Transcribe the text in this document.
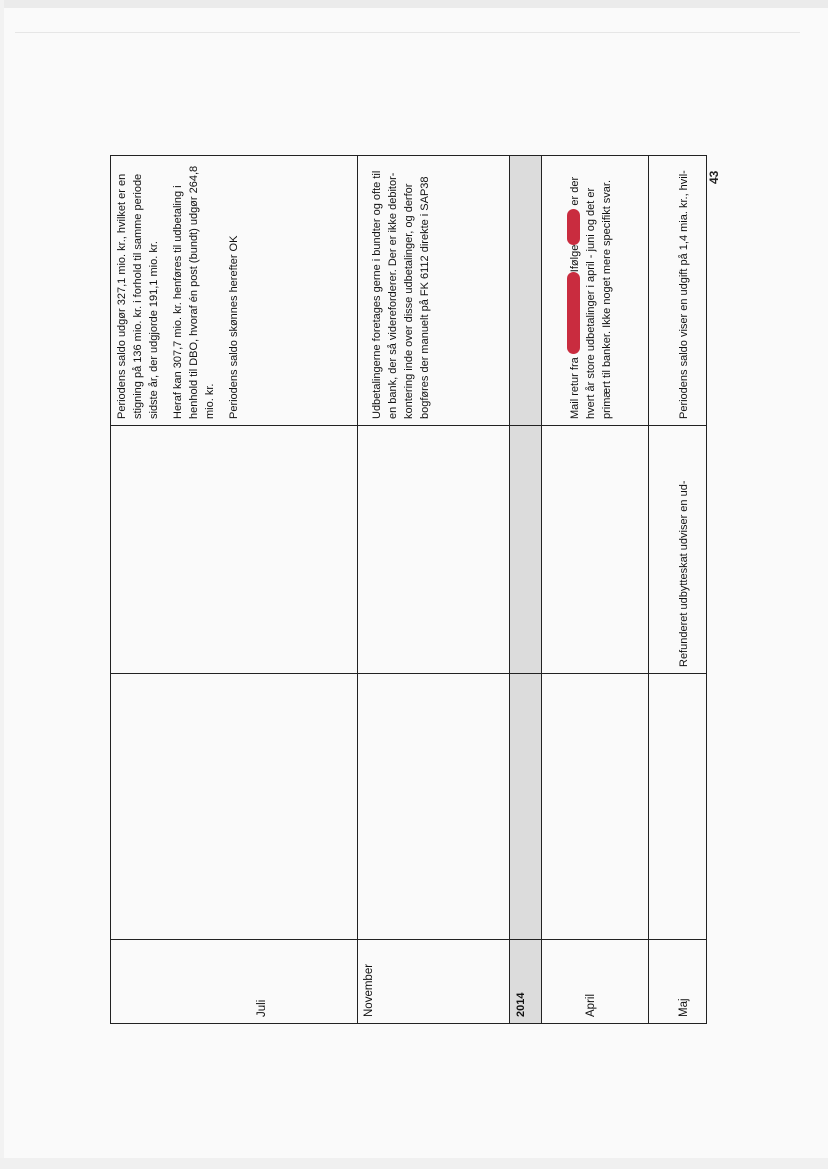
Juli			Periodens saldo udgør 327,1 mio. kr., hvilket er en stigning på 136 mio. kr. i forhold til samme periode sidste år, der udgjorde 191,1 mio. kr. Heraf kan 307,7 mio. kr. henføres til udbetaling i henhold til DBO, hvoraf én post (bundt) udgør 264,8 mio. kr. Periodens saldo skønnes herefter OK

November			Udbetalingerne foretages gerne i bundter og ofte til en bank, der så videreforderer. Der er ikke debitor-kontering inde over disse udbetalinger, og derfor bogføres der manuelt på FK 6112 direkte i SAP38

2014			

April			Mail retur fra Ifølge er der hvert år store udbetalinger i april - juni og det er primært til banker. Ikke noget mere specifikt svar.

Maj		Refunderet udbytteskat udviser en ud-	Periodens saldo viser en udgift på 1,4 mia. kr., hvil- 43
